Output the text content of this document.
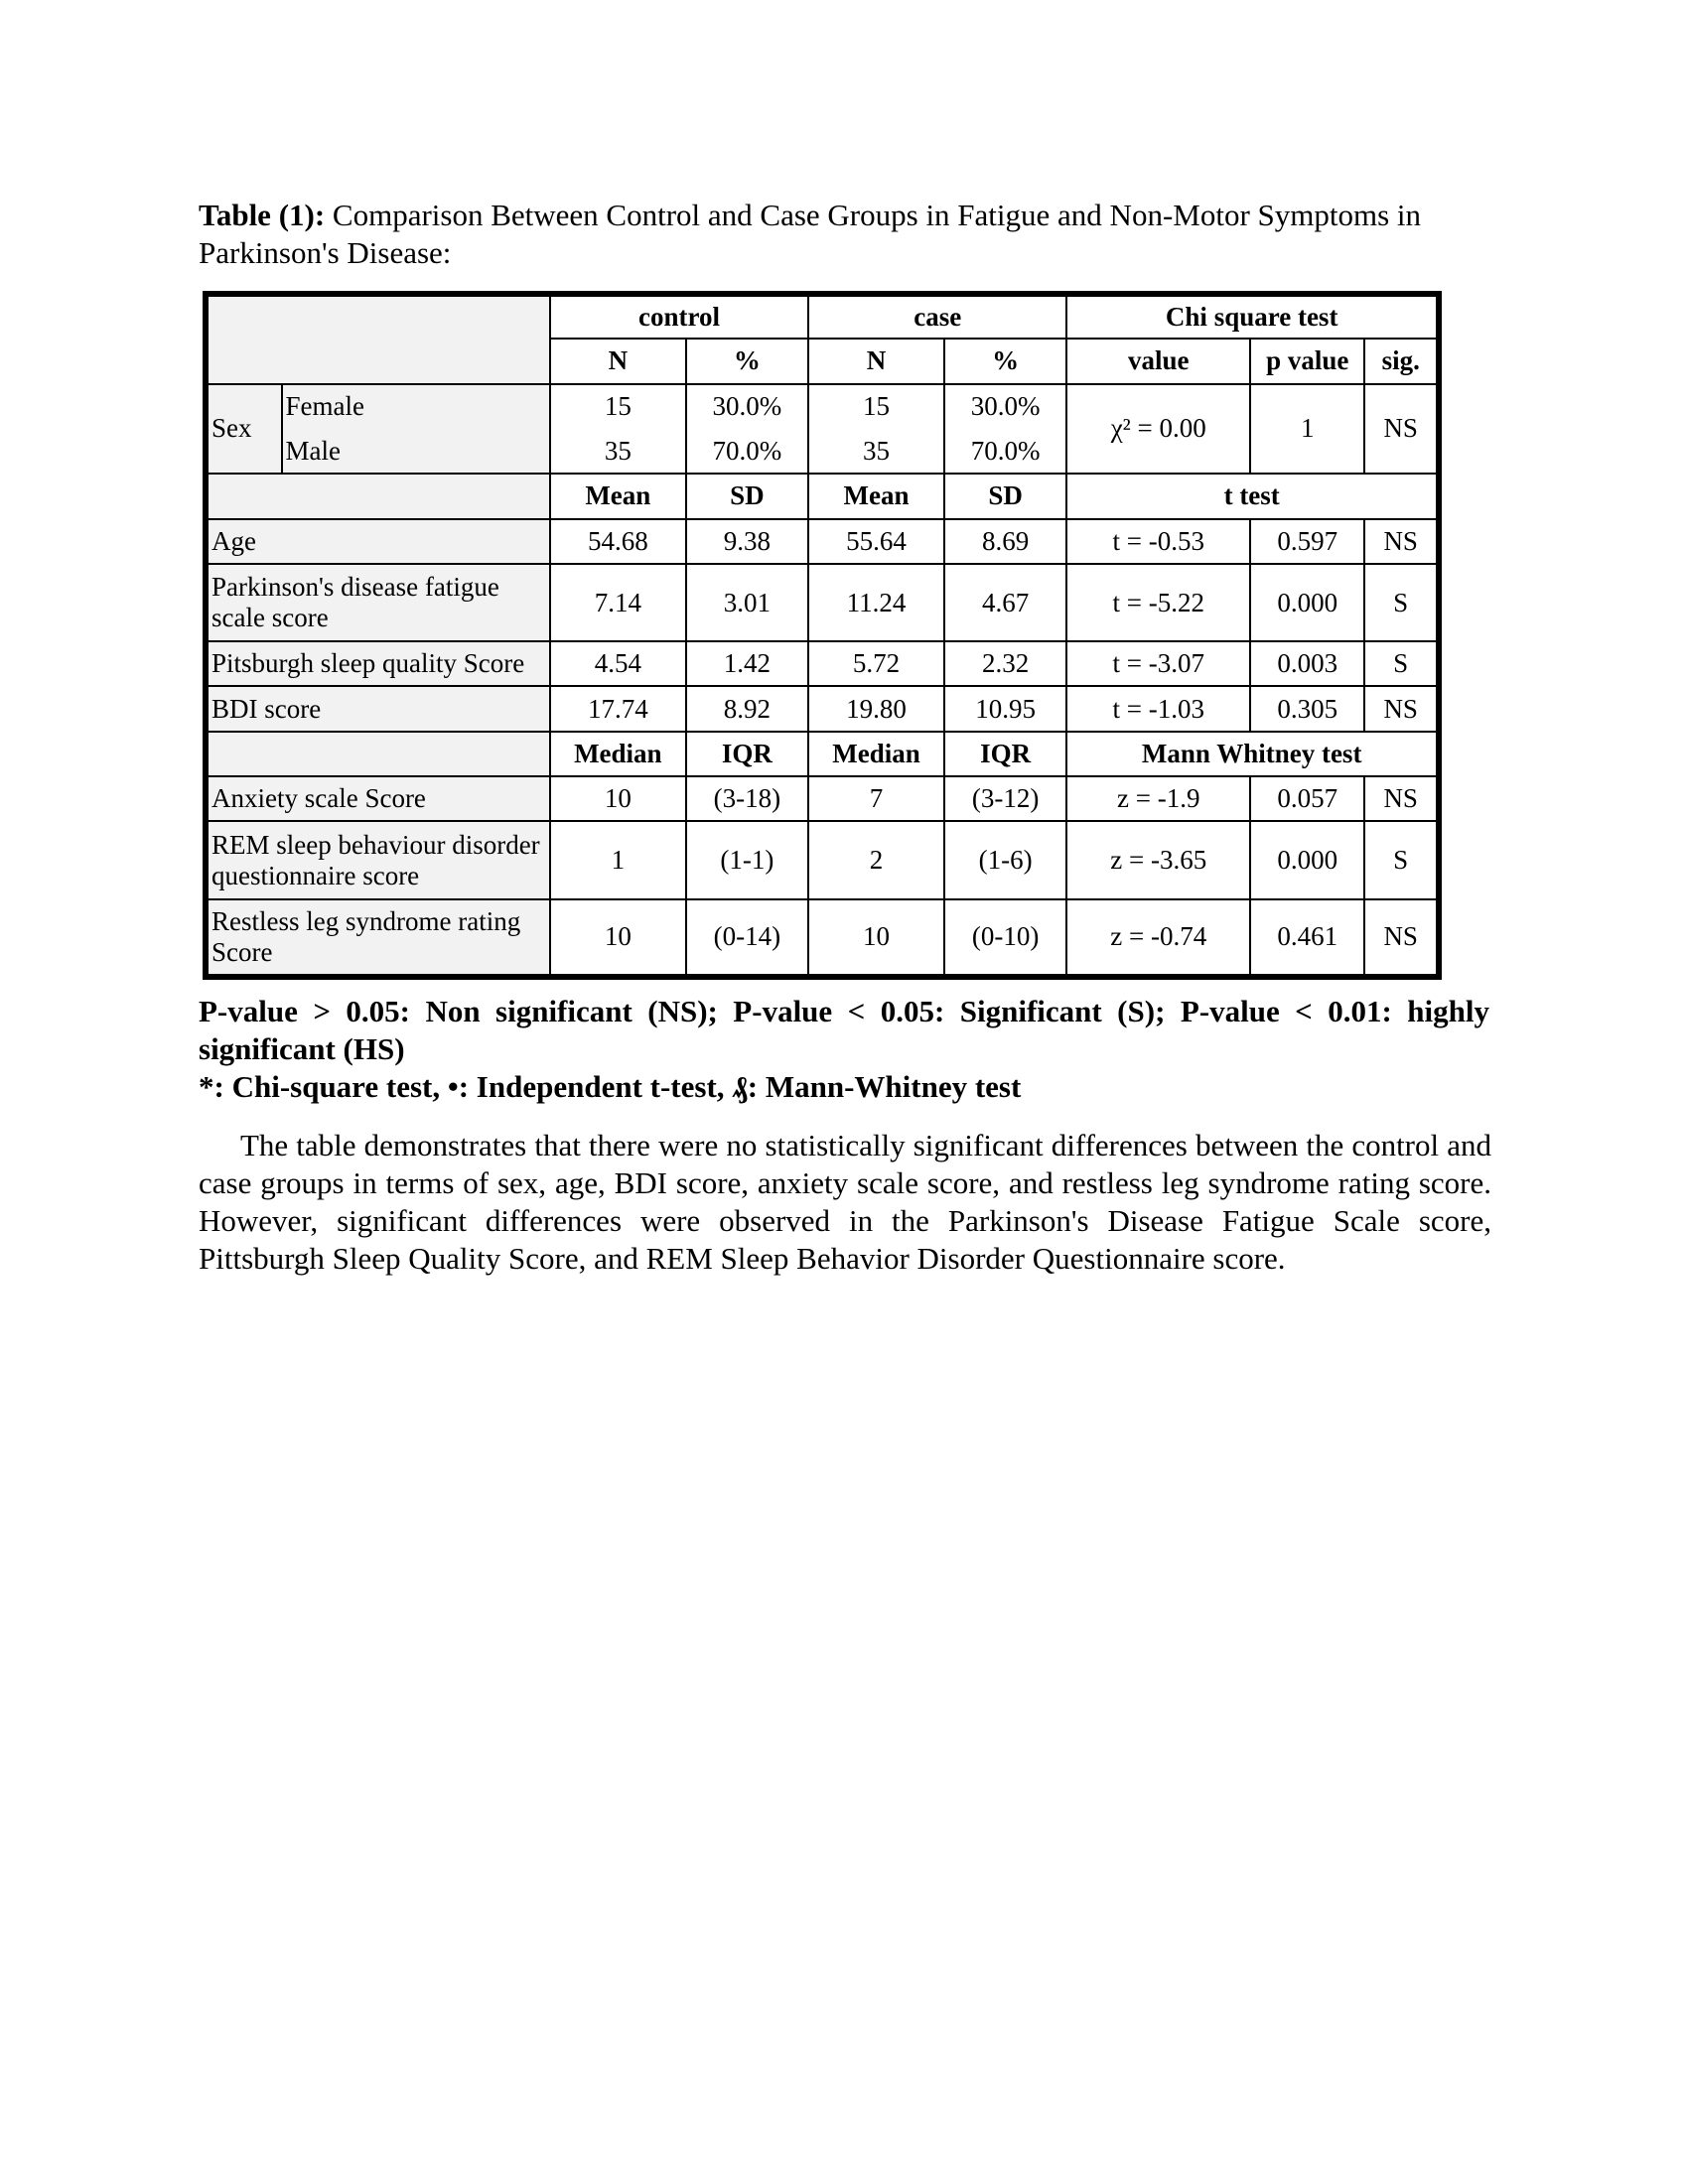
Table (1): Comparison Between Control and Case Groups in Fatigue and Non-Motor Symptoms in Parkinson's Disease:
		control		case		Chi square test		
		N	%	N	%	value	p value	sig.
Sex	Female	15	30.0%	15	30.0%	χ² = 0.00	1	NS
	Male	35	70.0%	35	70.0%			
		Mean	SD	Mean	SD	t test		
Age		54.68	9.38	55.64	8.69	t = -0.53	0.597	NS
Parkinson's disease fatigue scale score		7.14	3.01	11.24	4.67	t = -5.22	0.000	S
Pitsburgh sleep quality Score		4.54	1.42	5.72	2.32	t = -3.07	0.003	S
BDI score		17.74	8.92	19.80	10.95	t = -1.03	0.305	NS
		Median	IQR	Median	IQR	Mann Whitney test		
Anxiety scale Score		10	(3-18)	7	(3-12)	z = -1.9	0.057	NS
REM sleep behaviour disorder questionnaire score		1	(1-1)	2	(1-6)	z = -3.65	0.000	S
Restless leg syndrome rating Score		10	(0-14)	10	(0-10)	z = -0.74	0.461	NS

P-value > 0.05: Non significant (NS); P-value < 0.05: Significant (S); P-value < 0.01: highly significant (HS)

*: Chi-square test, •: Independent t-test, ₰: Mann-Whitney test

The table demonstrates that there were no statistically significant differences between the control and case groups in terms of sex, age, BDI score, anxiety scale score, and restless leg syndrome rating score. However, significant differences were observed in the Parkinson's Disease Fatigue Scale score, Pittsburgh Sleep Quality Score, and REM Sleep Behavior Disorder Questionnaire score.
